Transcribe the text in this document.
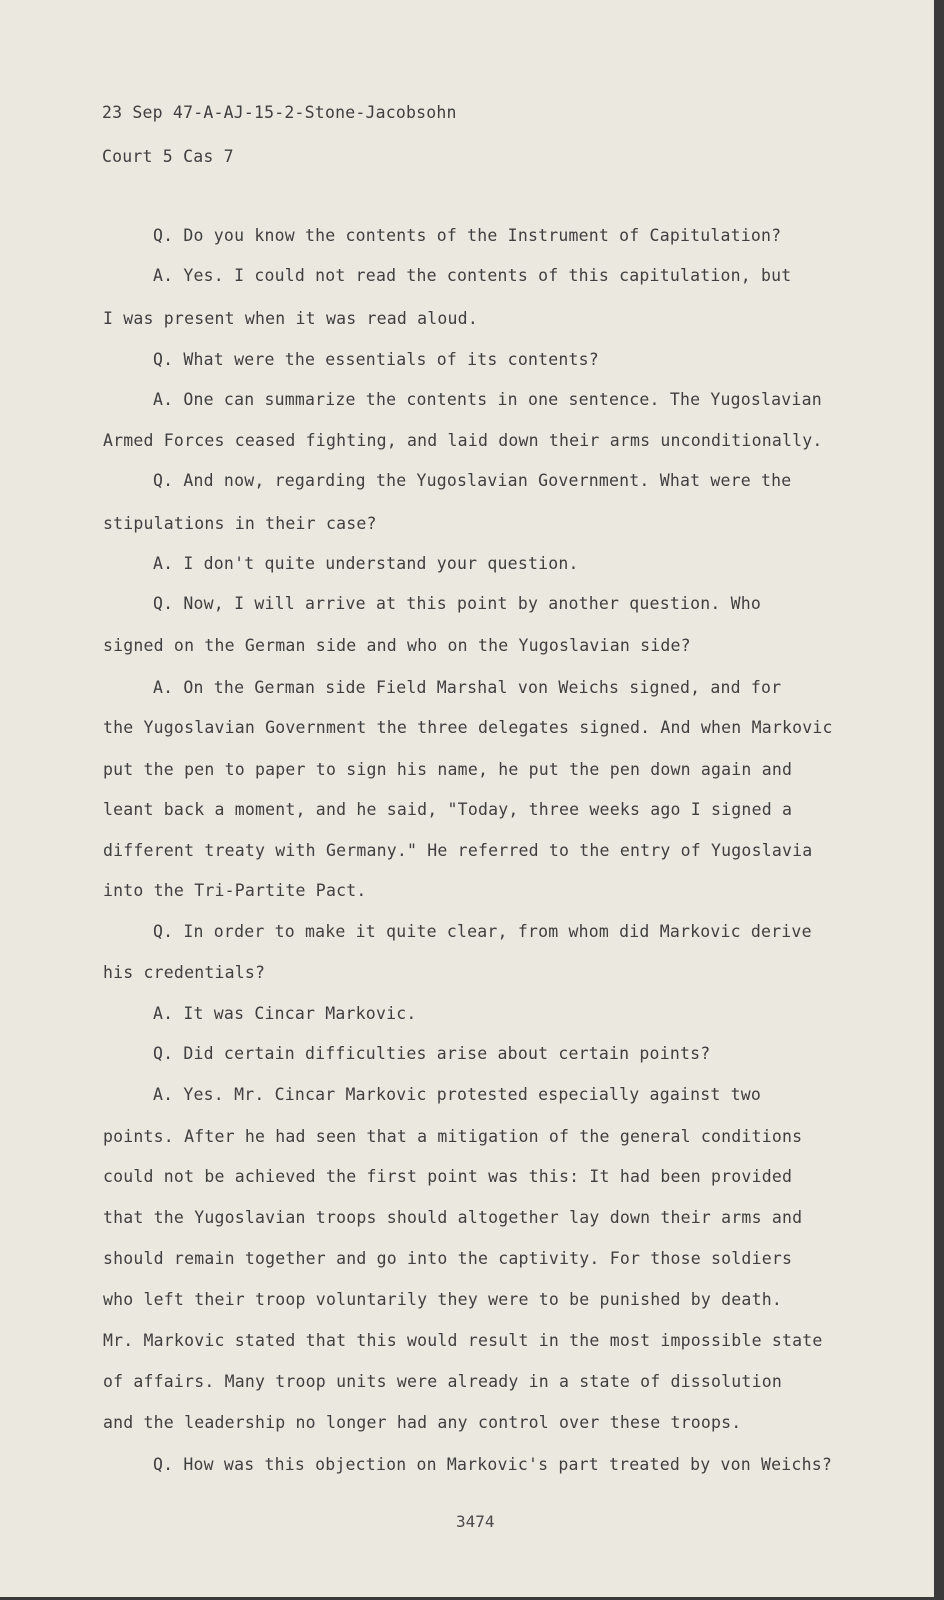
23 Sep 47-A-AJ-15-2-Stone-Jacobsohn
Court 5 Cas 7
Q. Do you know the contents of the Instrument of Capitulation?
A. Yes. I could not read the contents of this capitulation, but
I was present when it was read aloud.
Q. What were the essentials of its contents?
A. One can summarize the contents in one sentence. The Yugoslavian
Armed Forces ceased fighting, and laid down their arms unconditionally.
Q. And now, regarding the Yugoslavian Government. What were the
stipulations in their case?
A. I don't quite understand your question.
Q. Now, I will arrive at this point by another question. Who
signed on the German side and who on the Yugoslavian side?
A. On the German side Field Marshal von Weichs signed, and for
the Yugoslavian Government the three delegates signed. And when Markovic
put the pen to paper to sign his name, he put the pen down again and
leant back a moment, and he said, "Today, three weeks ago I signed a
different treaty with Germany." He referred to the entry of Yugoslavia
into the Tri-Partite Pact.
Q. In order to make it quite clear, from whom did Markovic derive
his credentials?
A. It was Cincar Markovic.
Q. Did certain difficulties arise about certain points?
A. Yes. Mr. Cincar Markovic protested especially against two
points. After he had seen that a mitigation of the general conditions
could not be achieved the first point was this: It had been provided
that the Yugoslavian troops should altogether lay down their arms and
should remain together and go into the captivity. For those soldiers
who left their troop voluntarily they were to be punished by death.
Mr. Markovic stated that this would result in the most impossible state
of affairs. Many troop units were already in a state of dissolution
and the leadership no longer had any control over these troops.
Q. How was this objection on Markovic's part treated by von Weichs?
3474
